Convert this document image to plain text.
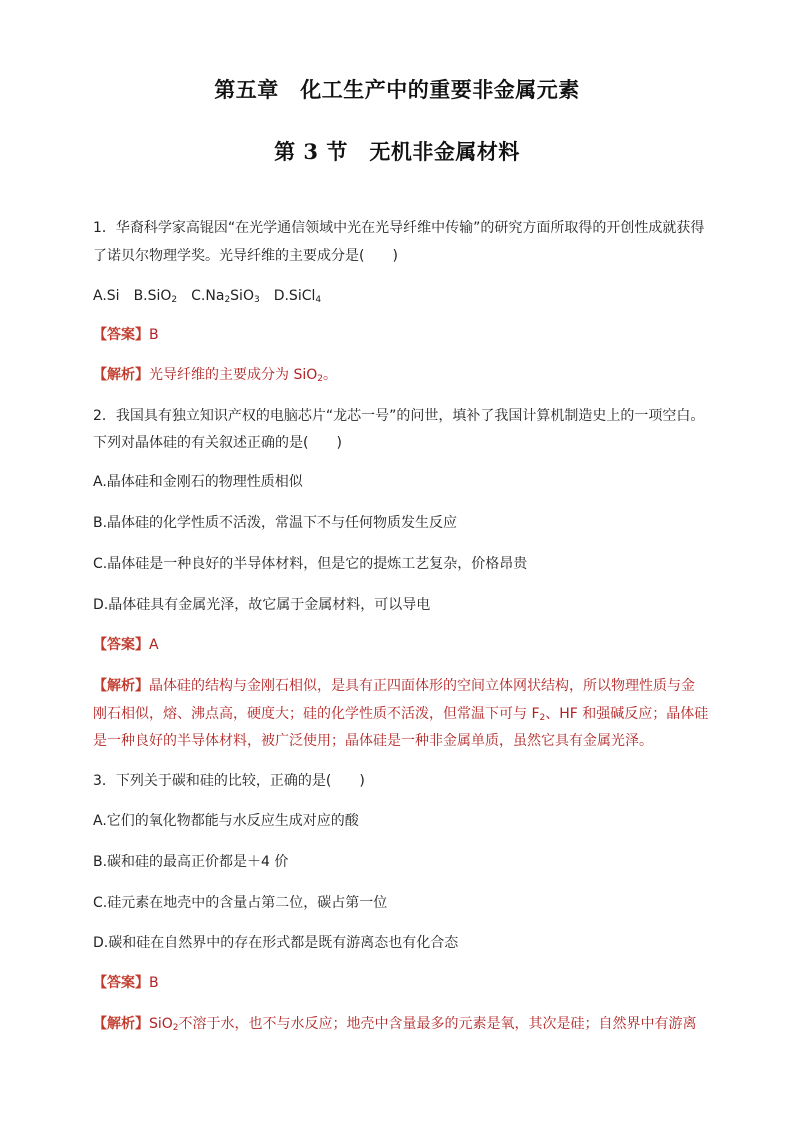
第五章　化工生产中的重要非金属元素
第 3 节　无机非金属材料
1．华裔科学家高锟因“在光学通信领域中光在光导纤维中传输”的研究方面所取得的开创性成就获得
了诺贝尔物理学奖。光导纤维的主要成分是(　　)
A.Si　 B.SiO$_2$　 $C.Na_2SiO_3$　 D.SiCl$_4$
【答案】B
【解析】光导纤维的主要成分为 SiO$_2$。
2．我国具有独立知识产权的电脑芯片“龙芯一号”的问世，填补了我国计算机制造史上的一项空白。
下列对晶体硅的有关叙述正确的是(　　)
A.晶体硅和金刚石的物理性质相似
B.晶体硅的化学性质不活泼，常温下不与任何物质发生反应
C.晶体硅是一种良好的半导体材料，但是它的提炼工艺复杂，价格昂贵
D.晶体硅具有金属光泽，故它属于金属材料，可以导电
【答案】A
【解析】晶体硅的结构与金刚石相似，是具有正四面体形的空间立体网状结构，所以物理性质与金
刚石相似，熔、沸点高，硬度大；硅的化学性质不活泼，但常温下可与 $F_2$、HF 和强碱反应；晶体硅
是一种良好的半导体材料，被广泛使用；晶体硅是一种非金属单质，虽然它具有金属光泽。
3．下列关于碳和硅的比较，正确的是(　　)
A.它们的氧化物都能与水反应生成对应的酸
B.碳和硅的最高正价都是＋4 价
C.硅元素在地壳中的含量占第二位，碳占第一位
D.碳和硅在自然界中的存在形式都是既有游离态也有化合态
【答案】B
【解析】SiO$_2$不溶于水，也不与水反应；地壳中含量最多的元素是氧，其次是硅；自然界中有游离
